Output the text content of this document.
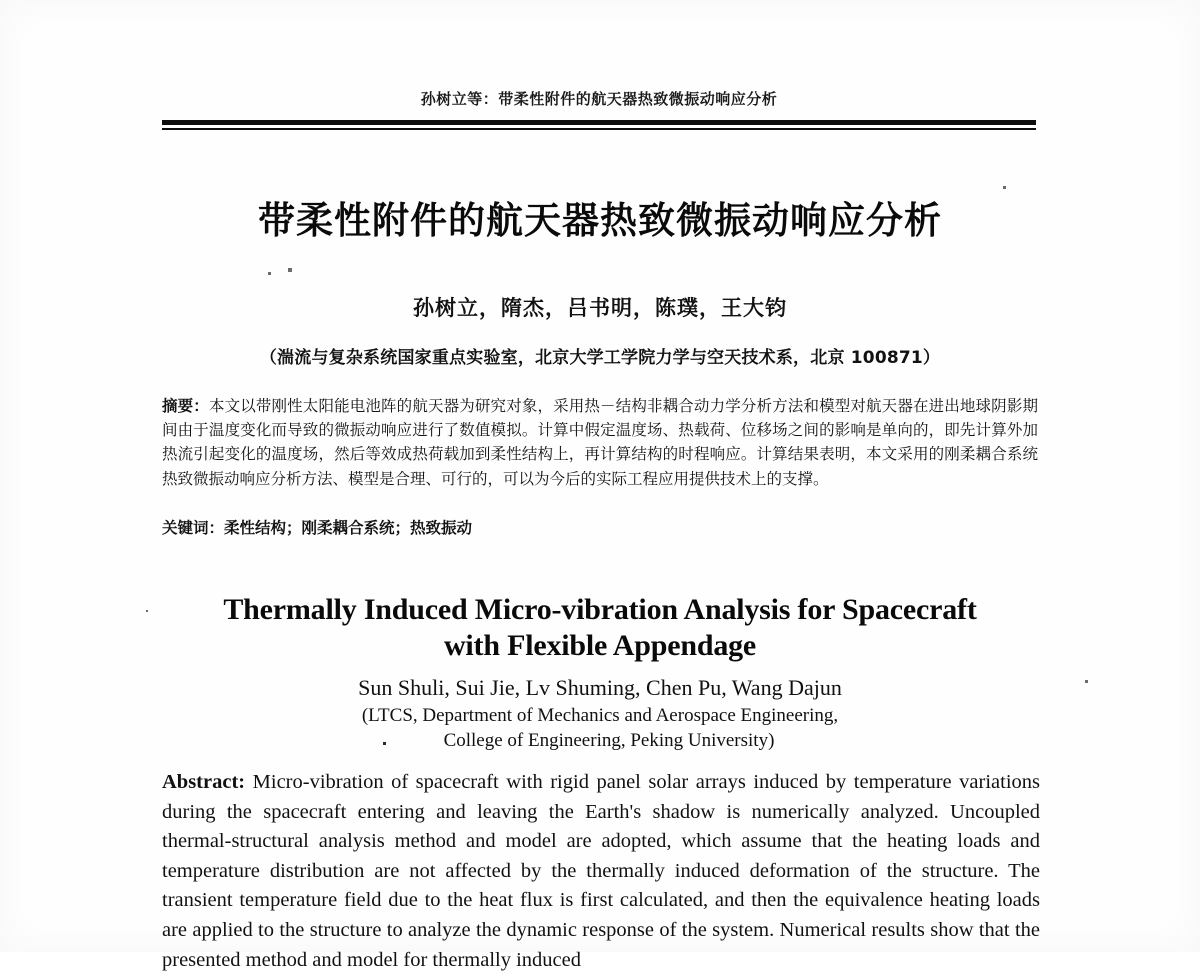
孙树立等：带柔性附件的航天器热致微振动响应分析
带柔性附件的航天器热致微振动响应分析
孙树立，隋杰，吕书明，陈璞，王大钧
（湍流与复杂系统国家重点实验室，北京大学工学院力学与空天技术系，北京 100871）
摘要：本文以带刚性太阳能电池阵的航天器为研究对象，采用热－结构非耦合动力学分析方法和模型对航天器在进出地球阴影期间由于温度变化而导致的微振动响应进行了数值模拟。计算中假定温度场、热载荷、位移场之间的影响是单向的，即先计算外加热流引起变化的温度场，然后等效成热荷载加到柔性结构上，再计算结构的时程响应。计算结果表明，本文采用的刚柔耦合系统热致微振动响应分析方法、模型是合理、可行的，可以为今后的实际工程应用提供技术上的支撑。
关键词：柔性结构；刚柔耦合系统；热致振动
Thermally Induced Micro-vibration Analysis for Spacecraft
with Flexible Appendage
Sun Shuli, Sui Jie, Lv Shuming, Chen Pu, Wang Dajun
(LTCS, Department of Mechanics and Aerospace Engineering,
College of Engineering, Peking University)
Abstract: Micro-vibration of spacecraft with rigid panel solar arrays induced by temperature variations during the spacecraft entering and leaving the Earth's shadow is numerically analyzed. Uncoupled thermal-structural analysis method and model are adopted, which assume that the heating loads and temperature distribution are not affected by the thermally induced deformation of the structure. The transient temperature field due to the heat flux is first calculated, and then the equivalence heating loads are applied to the structure to analyze the dynamic response of the system. Numerical results show that the presented method and model for thermally induced
